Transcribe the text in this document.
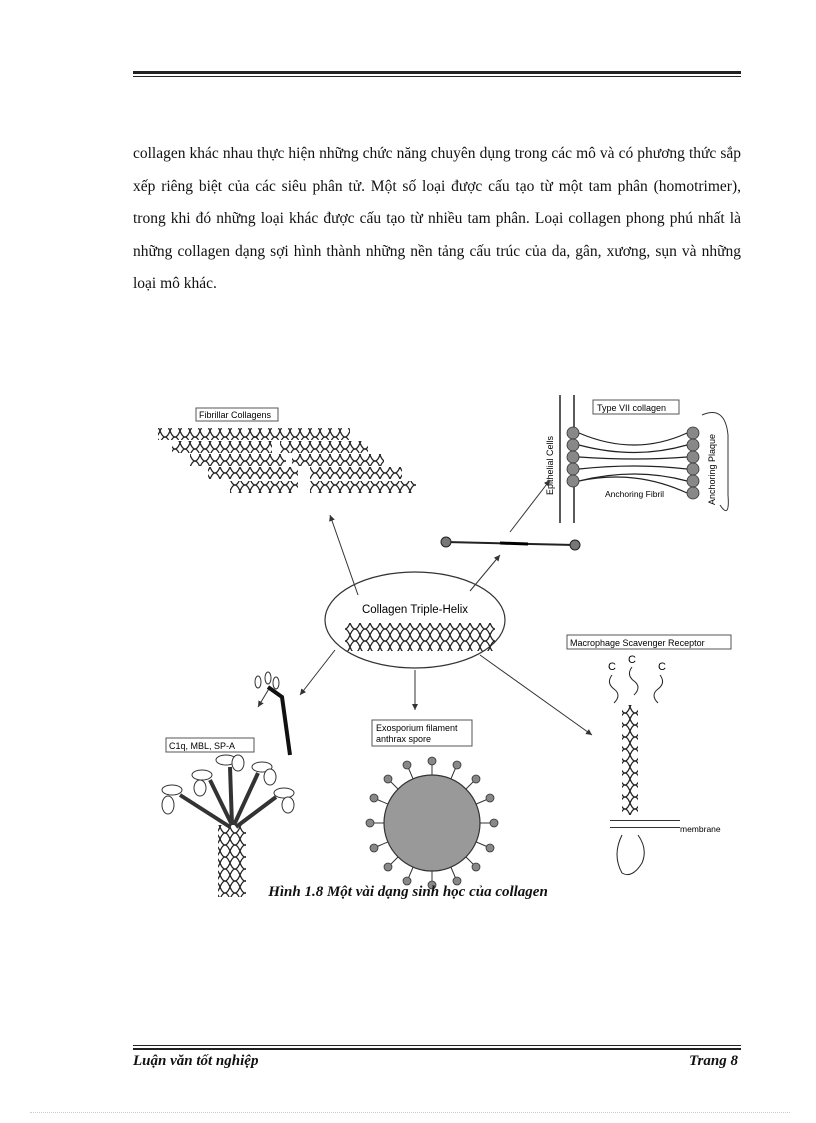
collagen khác nhau thực hiện những chức năng chuyên dụng trong các mô và có phương thức sắp xếp riêng biệt của các siêu phân tử. Một số loại được cấu tạo từ một tam phân (homotrimer), trong khi đó những loại khác được cấu tạo từ nhiều tam phân. Loại collagen phong phú nhất là những collagen dạng sợi hình thành những nền tảng cấu trúc của da, gân, xương, sụn và những loại mô khác.

Fibrillar Collagens
Epithelial Cells
Type VII collagen
Anchoring Fibril	Anchoring Plaque
Collagen Triple-Helix
Macrophage Scavenger Receptor
C
C
C
membrane
C1q, MBL, SP-A
Exosporium filament
anthrax spore
Hình 1.8 Một vài dạng sinh học của collagen
Luận văn tốt nghiệp	Trang 8
